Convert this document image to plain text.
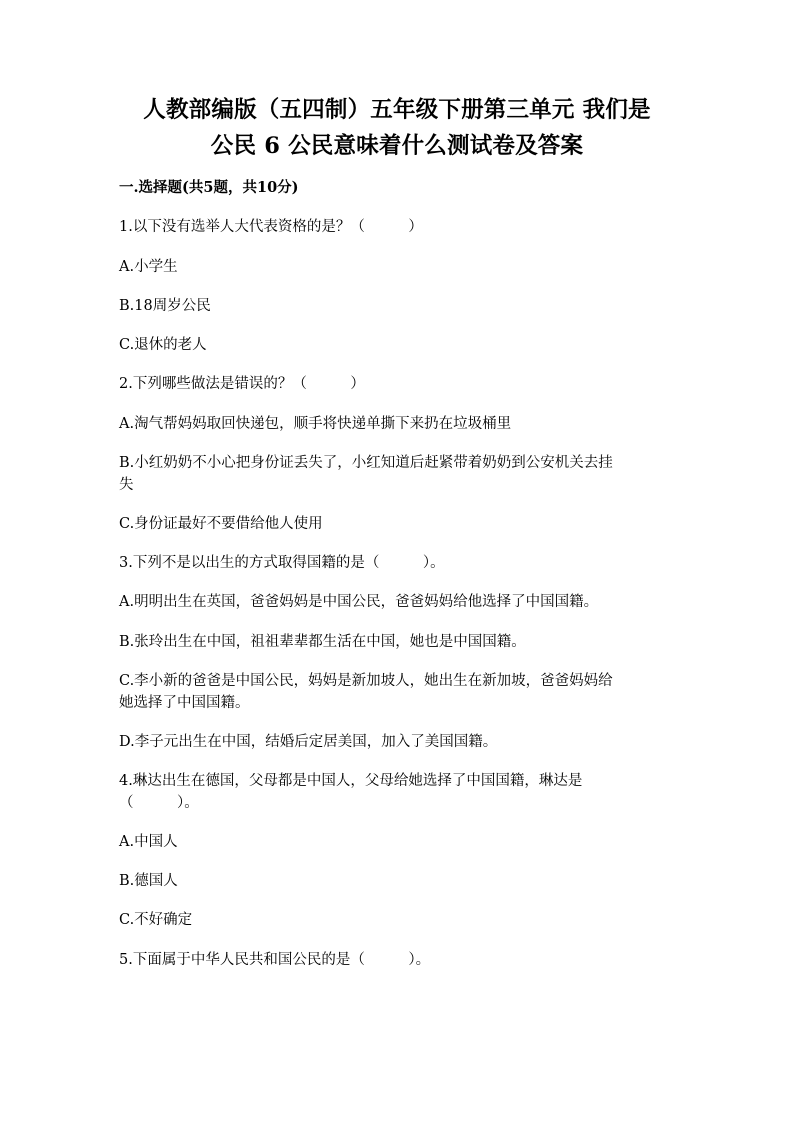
人教部编版（五四制）五年级下册第三单元 我们是
公民 6 公民意味着什么测试卷及答案
一.选择题(共5题，共10分)
1.以下没有选举人大代表资格的是？（　　　）
A.小学生
B.18周岁公民
C.退休的老人
2.下列哪些做法是错误的？（　　　）
A.淘气帮妈妈取回快递包，顺手将快递单撕下来扔在垃圾桶里
B.小红奶奶不小心把身份证丢失了，小红知道后赶紧带着奶奶到公安机关去挂
失
C.身份证最好不要借给他人使用
3.下列不是以出生的方式取得国籍的是（　　　）。
A.明明出生在英国，爸爸妈妈是中国公民，爸爸妈妈给他选择了中国国籍。
B.张玲出生在中国，祖祖辈辈都生活在中国，她也是中国国籍。
C.李小新的爸爸是中国公民，妈妈是新加坡人，她出生在新加坡，爸爸妈妈给
她选择了中国国籍。
D.李子元出生在中国，结婚后定居美国，加入了美国国籍。
4.琳达出生在德国，父母都是中国人，父母给她选择了中国国籍，琳达是
（　　　）。
A.中国人
B.德国人
C.不好确定
5.下面属于中华人民共和国公民的是（　　　）。
